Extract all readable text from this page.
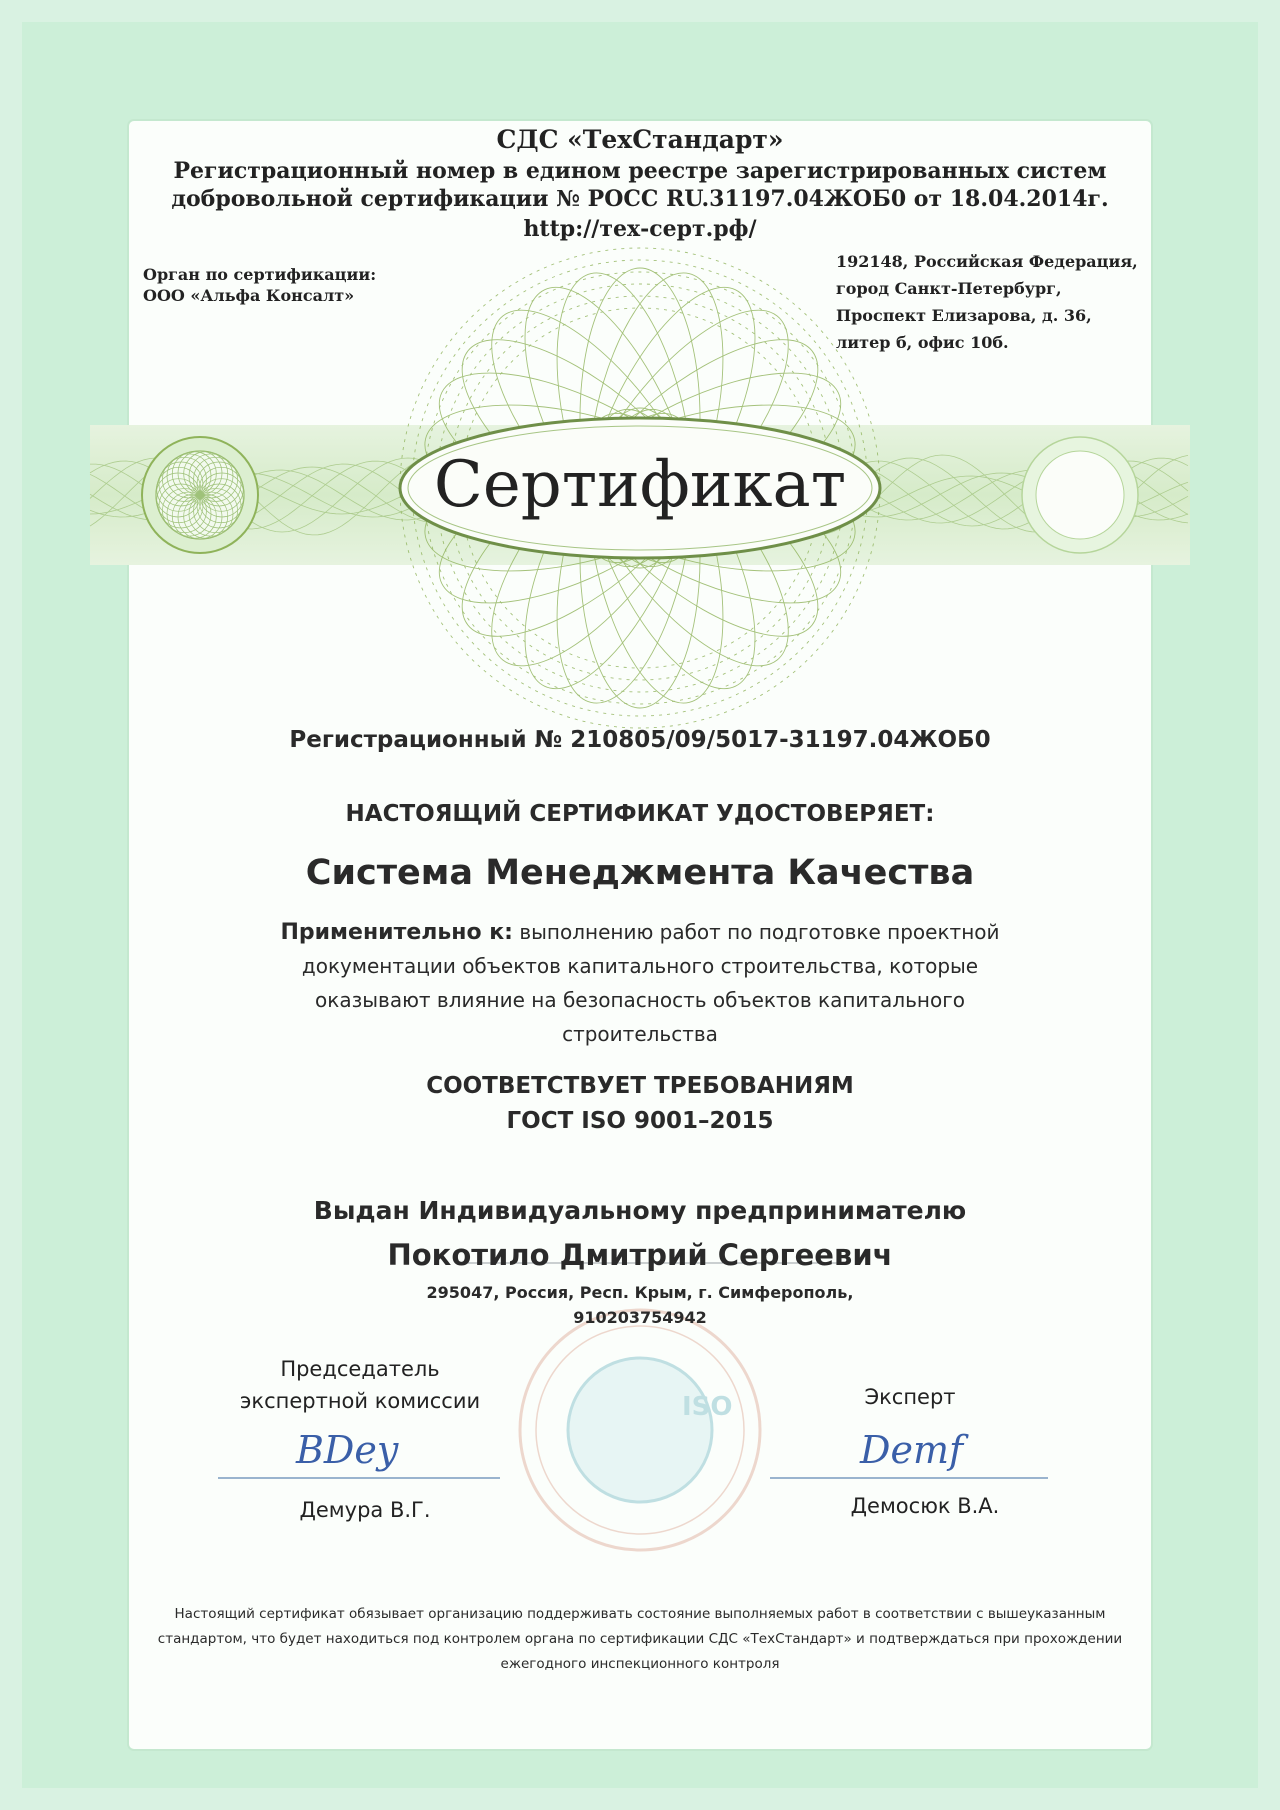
ISO
СДС «ТехСтандарт»
Регистрационный номер в едином реестре зарегистрированных систем
добровольной сертификации № РОСС RU.31197.04ЖОБ0 от 18.04.2014г.
http://тех-серт.рф/
Орган по сертификации:
ООО «Альфа Консалт»
192148, Российская Федерация,
город Санкт-Петербург,
Проспект Елизарова, д. 36,
литер б, офис 10б.
Сертификат
Регистрационный № 210805/09/5017-31197.04ЖОБ0
НАСТОЯЩИЙ СЕРТИФИКАТ УДОСТОВЕРЯЕТ:
Система Менеджмента Качества
Применительно к: выполнению работ по подготовке проектной
документации объектов капитального строительства, которые
оказывают влияние на безопасность объектов капитального
строительства
СООТВЕТСТВУЕТ ТРЕБОВАНИЯМ
ГОСТ ISO 9001–2015
Выдан Индивидуальному предпринимателю
Покотило Дмитрий Сергеевич
295047, Россия, Респ. Крым, г. Симферополь,
910203754942
Председатель
экспертной комиссии
BDey
Демура В.Г.
Эксперт
Demf
Демосюк В.А.
Настоящий сертификат обязывает организацию поддерживать состояние выполняемых работ в соответствии с вышеуказанным
стандартом, что будет находиться под контролем органа по сертификации СДС «ТехСтандарт» и подтверждаться при прохождении
ежегодного инспекционного контроля
